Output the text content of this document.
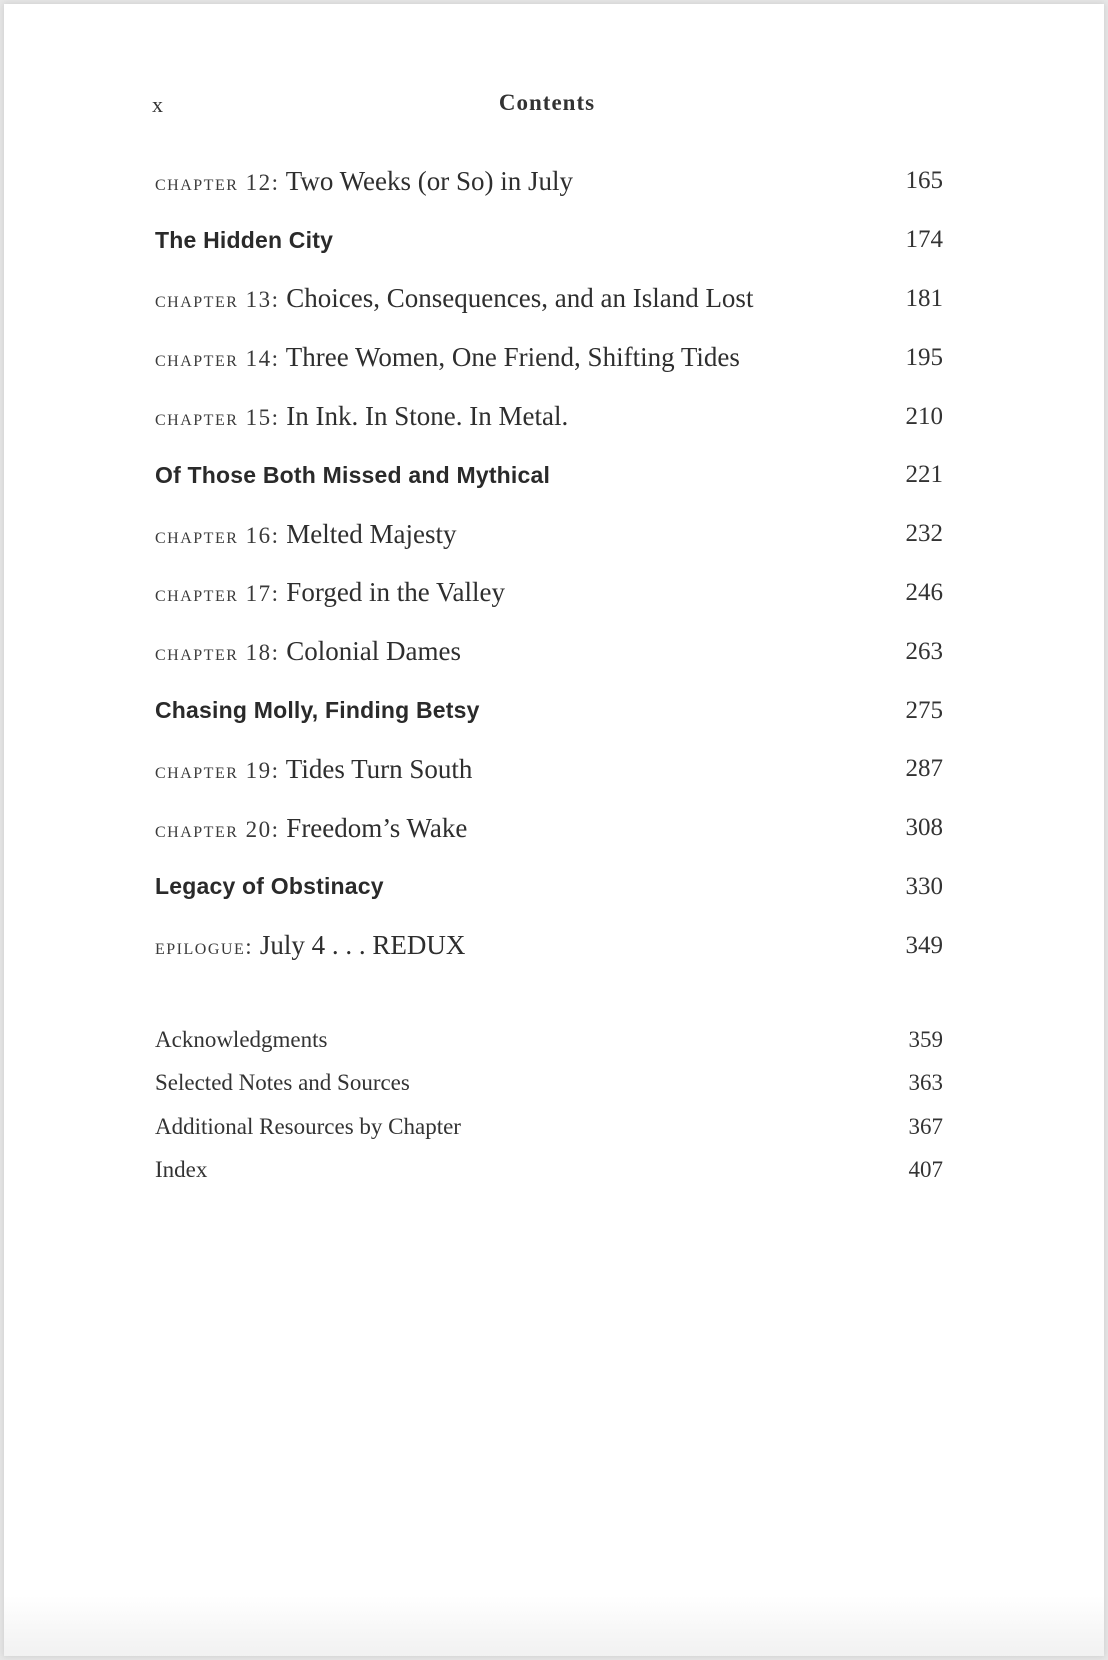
x	Contents
chapter 12: Two Weeks (or So) in July	165
The Hidden City	174
chapter 13: Choices, Consequences, and an Island Lost	181
chapter 14: Three Women, One Friend, Shifting Tides	195
chapter 15: In Ink. In Stone. In Metal.	210
Of Those Both Missed and Mythical	221
chapter 16: Melted Majesty	232
chapter 17: Forged in the Valley	246
chapter 18: Colonial Dames	263
Chasing Molly, Finding Betsy	275
chapter 19: Tides Turn South	287
chapter 20: Freedom’s Wake	308
Legacy of Obstinacy	330
epilogue: July 4 . . . REDUX	349
Acknowledgments	359
Selected Notes and Sources	363
Additional Resources by Chapter	367
Index	407
